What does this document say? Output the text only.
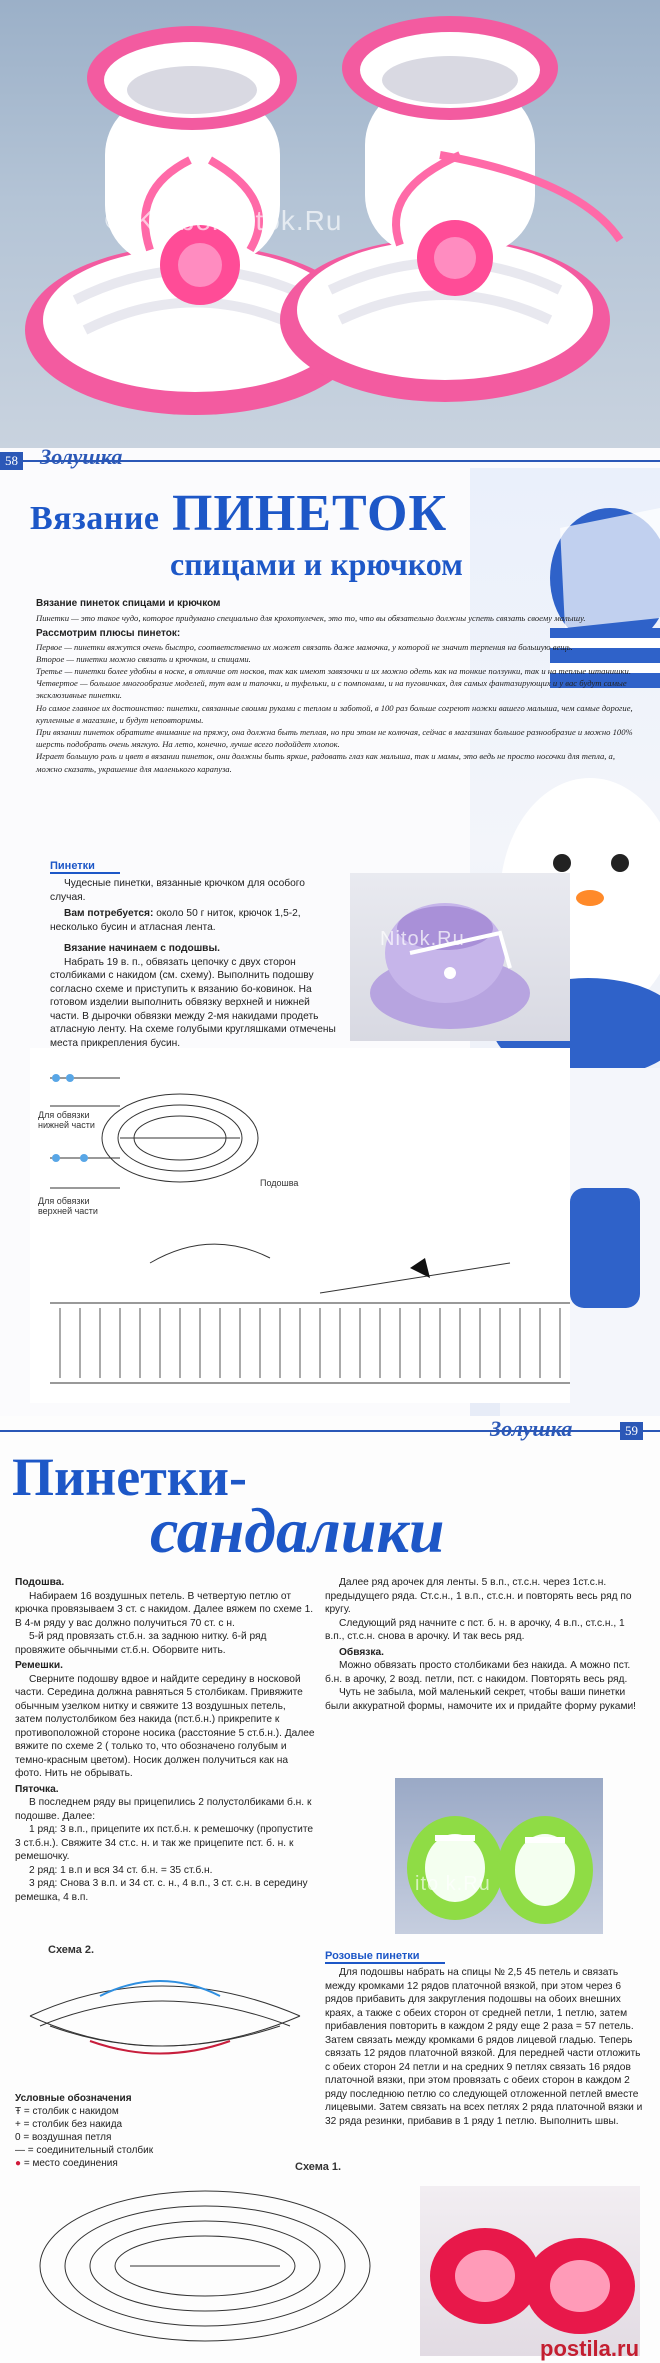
© KlubokNitok.Ru
58 Золушка
Вязание ПИНЕТОК
спицами и крючком
Вязание пинеток спицами и крючком
Пинетки — это такое чудо, которое придумано специально для крохотулечек, это то, что вы обязательно должны успеть связать своему малышу.
Рассмотрим плюсы пинеток:
Первое — пинетки вяжутся очень быстро, соответственно их может связать даже мамочка, у которой не значит терпения на большую вещь.
Второе — пинетки можно связать и крючком, и спицами.
Третье — пинетки более удобны в носке, в отличие от носков, так как имеют завязочки и их можно одеть как на тонкие ползунки, так и на теплые штанишки.
Четвертое — большое многообразие моделей, тут вам и тапочки, и туфельки, и с помпонами, и на пуговичках, для самых фантазирующих и у вас будут самые эксклюзивные пинетки.
Но самое главное их достоинство: пинетки, связанные своими руками с теплом и заботой, в 100 раз больше согреют ножки вашего малыша, чем самые дорогие, купленные в магазине, и будут неповторимы.
При вязании пинеток обратите внимание на пряжу, она должна быть теплая, но при этом не колючая, сейчас в магазинах большое разнообразие и можно 100% шерсть подобрать очень мягкую. На лето, конечно, лучше всего подойдет хлопок.
Играет большую роль и цвет в вязании пинеток, они должны быть яркие, радовать глаз как малыша, так и мамы, это ведь не просто носочки для тепла, а, можно сказать, украшение для маленького карапуза.
Пинетки
Чудесные пинетки, вязанные крючком для особого случая.
Вам потребуется: около 50 г ниток, крючок 1,5-2, несколько бусин и атласная лента.
Вязание начинаем с подошвы.
Набрать 19 в. п., обвязать цепочку с двух сторон столбиками с накидом (см. схему). Выполнить подошву согласно схеме и приступить к вязанию бо-ковинок. На готовом изделии выполнить обвязку верхней и нижней части. В дырочки обвязки между 2-мя накидами продеть атласную ленту. На схеме голубыми кругляшками отмечены места прикрепления бусин.
Nitok.Ru
Для обвязки нижней части
Для обвязки верхней части
Подошва
Золушка	59
Пинетки-
сандалики
Подошва.
Набираем 16 воздушных петель. В четвертую петлю от крючка провязываем 3 ст. с накидом. Далее вяжем по схеме 1. В 4-м ряду у вас должно получиться 70 ст. с н.
5-й ряд провязать ст.б.н. за заднюю нитку. 6-й ряд провяжите обычными ст.б.н. Оборвите нить.
Ремешки.
Сверните подошву вдвое и найдите середину в носковой части. Середина должна равняться 5 столбикам. Привяжите обычным узелком нитку и свяжите 13 воздушных петель, затем полустолбиком без накида (пст.б.н.) прикрепите к противоположной стороне носика (расстояние 5 ст.б.н.). Далее вяжите по схеме 2 ( только то, что обозначено голубым и темно-красным цветом). Носик должен получиться как на фото. Нить не обрывать.
Пяточка.
В последнем ряду вы прицепились 2 полустолбиками б.н. к подошве. Далее:
1 ряд: 3 в.п., прицепите их пст.б.н. к ремешочку (пропустите 3 ст.б.н.). Свяжите 34 ст.с. н. и так же прицепите пст. б. н. к ремешочку.
2 ряд: 1 в.п и вся 34 ст. б.н. = 35 ст.б.н.
3 ряд: Снова 3 в.п. и 34 ст. с. н., 4 в.п., 3 ст. с.н. в середину ремешка, 4 в.п.
Далее ряд арочек для ленты. 5 в.п., ст.с.н. через 1ст.с.н. предыдущего ряда. Ст.с.н., 1 в.п., ст.с.н. и повторять весь ряд по кругу.
Следующий ряд начните с пст. б. н. в арочку, 4 в.п., ст.с.н., 1 в.п., ст.с.н. снова в арочку. И так весь ряд.
Обвязка.
Можно обвязать просто столбиками без накида. А можно пст. б.н. в арочку, 2 возд. петли, пст. с накидом. Повторять весь ряд.
Чуть не забыла, мой маленький секрет, чтобы ваши пинетки были аккуратной формы, намочите их и придайте форму руками!
ito k.Ru
Розовые пинетки
Для подошвы набрать на спицы № 2,5 45 петель и связать между кромками 12 рядов платочной вязкой, при этом через 6 рядов прибавить для закругления подошвы на обоих внешних краях, а также с обеих сторон от средней петли, 1 петлю, затем прибавления повторить в каждом 2 ряду еще 2 раза = 57 петель. Затем связать между кромками 6 рядов лицевой гладью. Теперь связать 12 рядов платочной вязкой. Для передней части отложить с обеих сторон 24 петли и на средних 9 петлях связать 16 рядов платочной вязки, при этом провязать с обеих сторон в каждом 2 ряду последнюю петлю со следующей отложенной петлей вместе лицевыми. Затем связать на всех петлях 2 ряда платочной вязки и 32 ряда резинки, прибавив в 1 ряду 1 петлю. Выполнить швы.
Схема 2.
Условные обозначения
Ŧ = столбик с накидом
+ = столбик без накида
0 = воздушная петля
— = соединительный столбик
● = место соединения	Схема 1.
postila.ru
